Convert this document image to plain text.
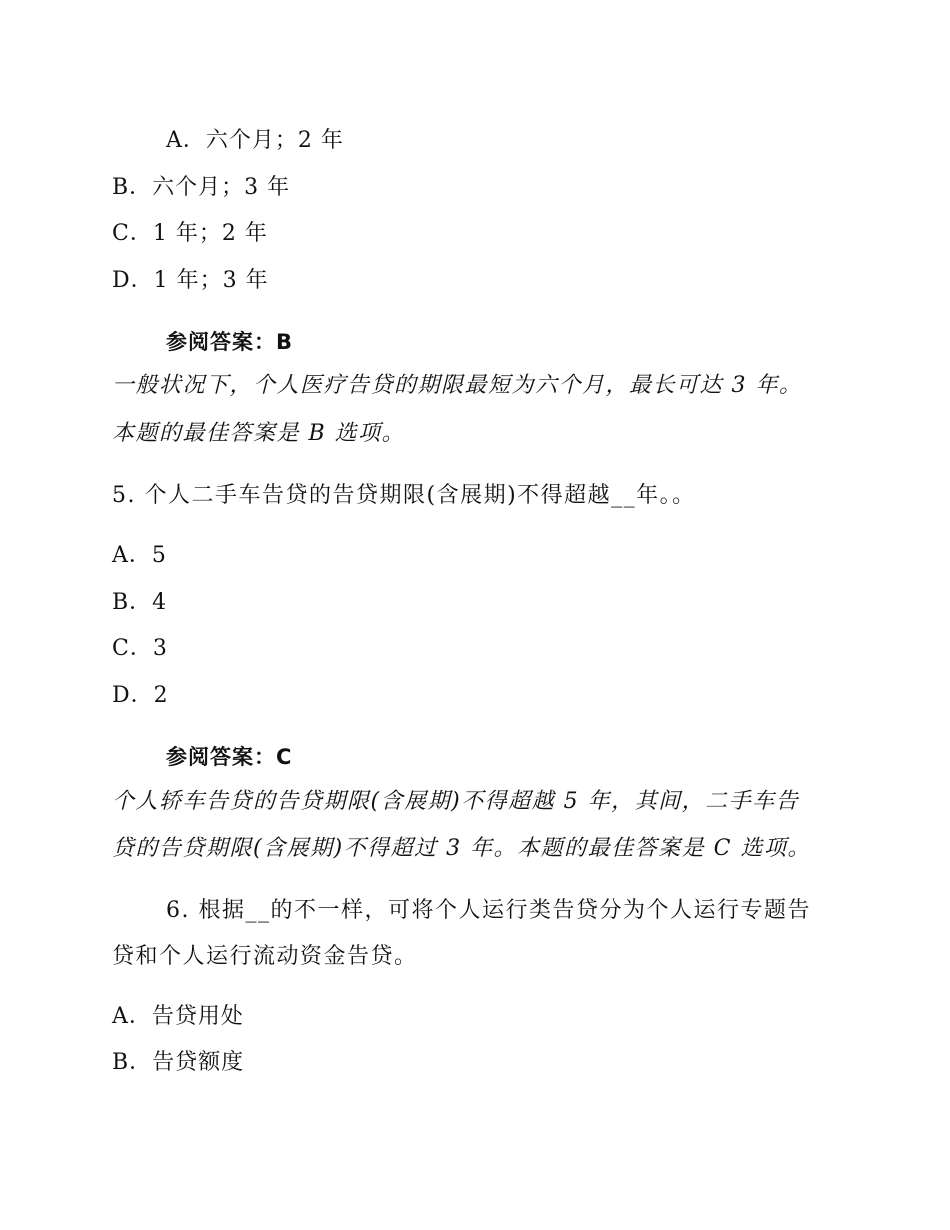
A．六个月；2 年
B．六个月；3 年
C．1 年；2 年
D．1 年；3 年
参阅答案：B
一般状况下，个人医疗告贷的期限最短为六个月，最长可达 3 年。
本题的最佳答案是 B 选项。
5. 个人二手车告贷的告贷期限(含展期)不得超越__年。。
A．5
B．4
C．3
D．2
参阅答案：C
个人轿车告贷的告贷期限(含展期)不得超越 5 年，其间，二手车告
贷的告贷期限(含展期)不得超过 3 年。本题的最佳答案是 C 选项。
6. 根据__的不一样，可将个人运行类告贷分为个人运行专题告
贷和个人运行流动资金告贷。
A．告贷用处
B．告贷额度
